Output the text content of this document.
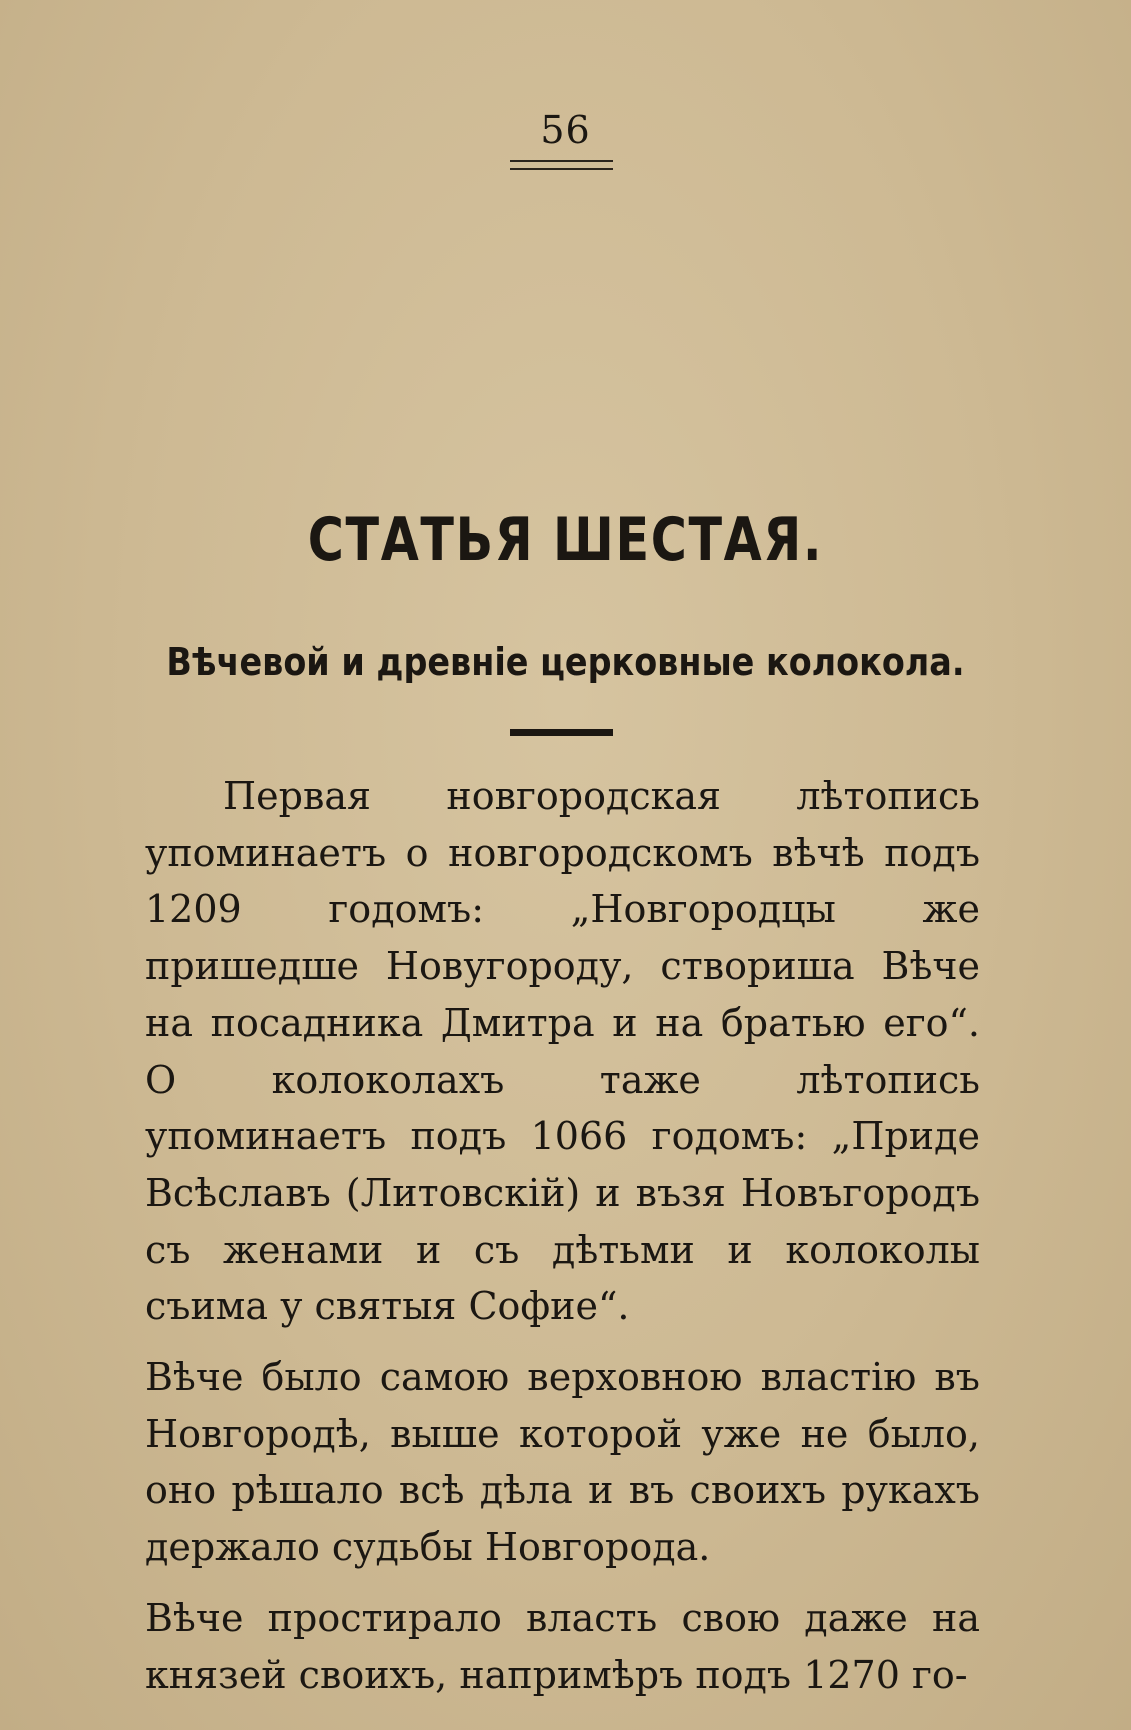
56
СТАТЬЯ ШЕСТАЯ.
Вѣчевой и древніе церковные колокола.

Первая новгородская лѣтопись упоминаетъ о новгородскомъ вѣчѣ подъ 1209 годомъ: „Новгородцы же пришедше Новугороду, створиша Вѣче на посадника Дмитра и на братью его“. О колоколахъ таже лѣтопись упоминаетъ подъ 1066 годомъ: „Приде Всѣславъ (Литовскій) и възя Новъгородъ съ женами и съ дѣтьми и колоколы съима у святыя Софие“.

Вѣче было самою верховною властію въ Новгородѣ, выше которой уже не было, оно рѣшало всѣ дѣла и въ своихъ рукахъ держало судьбы Новгорода.

Вѣче простирало власть свою даже на князей своихъ, напримѣръ подъ 1270 го-
